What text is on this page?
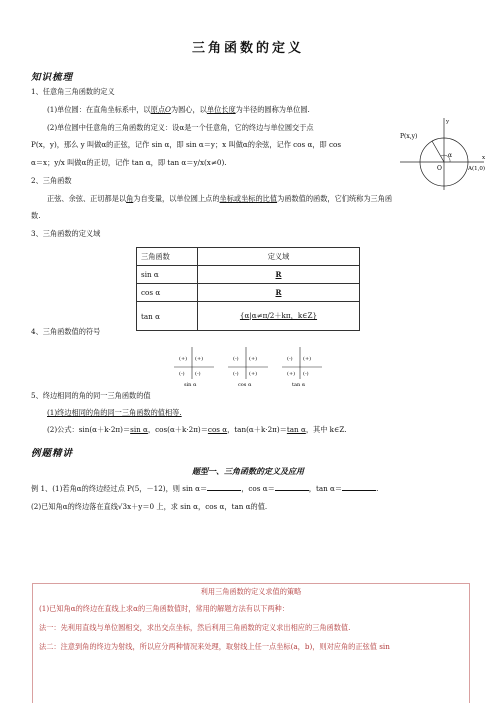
三角函数的定义
知识梳理
1、任意角三角函数的定义
(1)单位圆：在直角坐标系中，以原点O为圆心，以单位长度为半径的圆称为单位圆.
(2)单位圆中任意角的三角函数的定义：设α是一个任意角，它的终边与单位圆交于点
P(x，y)，那么 y 叫做α的正弦，记作 sin α，即 sin α＝y；x 叫做α的余弦，记作 cos α，即 cos
α＝x；y/x 叫做α的正切，记作 tan α，即 tan α＝y/x(x≠0).
P(x,y)
α
O	A(1,0)
x
y
2、三角函数
正弦、余弦、正切都是以角为自变量，以单位圆上点的坐标或坐标的比值为函数值的函数，它们统称为三角函
数.
3、三角函数的定义域
三角函数	定义域
sin α	R
cos α	R
tan α	{α|α≠π/2＋kπ，k∈Z}
4、三角函数值的符号
(+) (+)
(-) (-)
sin α
(-) (+)
(-) (+)
cos α
(-) (+)
(+) (-)
tan α
5、终边相同的角的同一三角函数的值
(1)终边相同的角的同一三角函数的值相等.
(2)公式：sin(α＋k·2π)＝sin α，cos(α＋k·2π)＝cos α，tan(α＋k·2π)＝tan α，其中 k∈Z.
例题精讲
题型一、三角函数的定义及应用
例 1、(1)若角α的终边经过点 P(5，－12)，则 sin α＝	，cos α＝	，tan α＝	.
(2)已知角α的终边落在直线√3x＋y＝0 上，求 sin α，cos α，tan α的值.
利用三角函数的定义求值的策略
(1)已知角α的终边在直线上求α的三角函数值时，常用的解题方法有以下两种：
法一：先利用直线与单位圆相交，求出交点坐标，然后利用三角函数的定义求出相应的三角函数值.
法二：注意到角的终边为射线，所以应分两种情况来处理，取射线上任一点坐标(a，b)，则对应角的正弦值 sin
